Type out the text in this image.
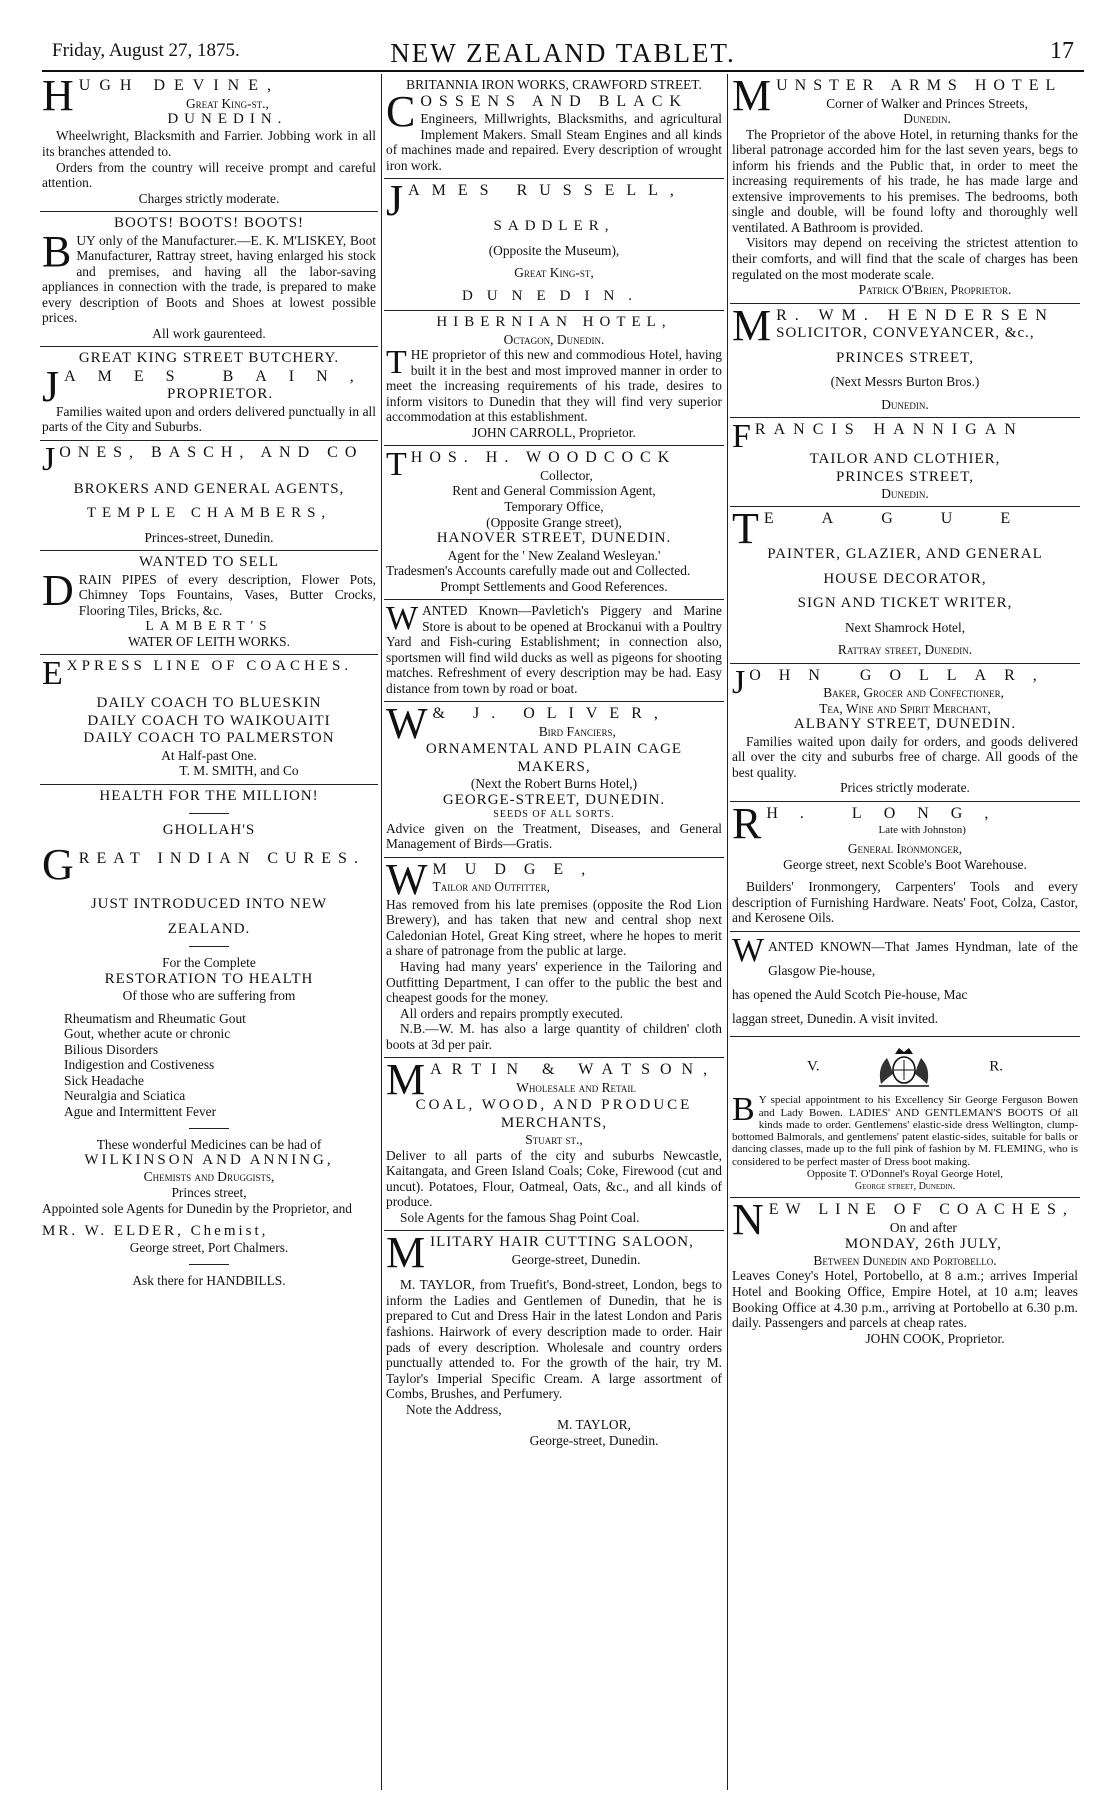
Friday, August 27, 1875.	NEW ZEALAND TABLET.	17
H UGH DEVINE,
Great King-st.,
DUNEDIN.

Wheelwright, Blacksmith and Farrier. Jobbing work in all its branches attended to.

Orders from the country will receive prompt and careful attention.

Charges strictly moderate.
BOOTS! BOOTS! BOOTS!
B UY only of the Manufacturer.—E. K. M'LISKEY, Boot Manufacturer, Rattray street, having enlarged his stock and premises, and having all the labor-saving appliances in connection with the trade, is prepared to make every description of Boots and Shoes at lowest possible prices.

All work gaurenteed.
GREAT KING STREET BUTCHERY.
J AMES BAIN,
PROPRIETOR.

Families waited upon and orders delivered punctually in all parts of the City and Suburbs.

J ONES, BASCH, AND CO
BROKERS AND GENERAL AGENTS,
TEMPLE CHAMBERS,
Princes-street, Dunedin.
WANTED TO SELL
D RAIN PIPES of every description, Flower Pots, Chimney Tops Fountains, Vases, Butter Crocks, Flooring Tiles, Bricks, &c.

LAMBERT'S
WATER OF LEITH WORKS.
E XPRESS LINE OF COACHES.
DAILY COACH TO BLUESKIN
DAILY COACH TO WAIKOUAITI
DAILY COACH TO PALMERSTON
At Half-past One.
T. M. SMITH, and Co
HEALTH FOR THE MILLION!
GHOLLAH'S
G REAT INDIAN CURES.
JUST INTRODUCED INTO NEW
ZEALAND.
For the Complete
RESTORATION TO HEALTH
Of those who are suffering from

Rheumatism and Rheumatic Gout

Gout, whether acute or chronic

Bilious Disorders

Indigestion and Costiveness

Sick Headache

Neuralgia and Sciatica

Ague and Intermittent Fever

These wonderful Medicines can be had of
WILKINSON AND ANNING,
Chemists and Druggists,
Princes street,

Appointed sole Agents for Dunedin by the Proprietor, and

MR. W. ELDER, Chemist,
George street, Port Chalmers.
Ask there for HANDBILLS.
BRITANNIA IRON WORKS, CRAWFORD STREET.
C OSSENS AND BLACK

Engineers, Millwrights, Blacksmiths, and agricultural Implement Makers. Small Steam Engines and all kinds of machines made and repaired. Every description of wrought iron work.

J AMES RUSSELL,
SADDLER,
(Opposite the Museum),
Great King-st,
DUNEDIN.
HIBERNIAN HOTEL,
Octagon, Dunedin.
T HE proprietor of this new and commodious Hotel, having built it in the best and most improved manner in order to meet the increasing requirements of his trade, desires to inform visitors to Dunedin that they will find very superior accommodation at this establishment.

JOHN CARROLL, Proprietor.
T HOS. H. WOODCOCK
Collector,
Rent and General Commission Agent,
Temporary Office,
(Opposite Grange street),
HANOVER STREET, DUNEDIN.
Agent for the ' New Zealand Wesleyan.'

Tradesmen's Accounts carefully made out and Collected.

Prompt Settlements and Good References.
W ANTED Known—Pavletich's Piggery and Marine Store is about to be opened at Brockanui with a Poultry Yard and Fish-curing Establishment; in connection also, sportsmen will find wild ducks as well as pigeons for shooting matches. Refreshment of every description may be had. Easy distance from town by road or boat.

W & J. OLIVER,
Bird Fanciers,
ORNAMENTAL AND PLAIN CAGE
MAKERS,
(Next the Robert Burns Hotel,)
GEORGE-STREET, DUNEDIN.
SEEDS OF ALL SORTS.

Advice given on the Treatment, Diseases, and General Management of Birds—Gratis.

W MUDGE,
Tailor and Outfitter,

Has removed from his late premises (opposite the Rod Lion Brewery), and has taken that new and central shop next Caledonian Hotel, Great King street, where he hopes to merit a share of patronage from the public at large.

Having had many years' experience in the Tailoring and Outfitting Department, I can offer to the public the best and cheapest goods for the money.

All orders and repairs promptly executed.

N.B.—W. M. has also a large quantity of children' cloth boots at 3d per pair.

M ARTIN & WATSON,
Wholesale and Retail
COAL, WOOD, AND PRODUCE
MERCHANTS,
Stuart st.,

Deliver to all parts of the city and suburbs Newcastle, Kaitangata, and Green Island Coals; Coke, Firewood (cut and uncut). Potatoes, Flour, Oatmeal, Oats, &c., and all kinds of produce.

Sole Agents for the famous Shag Point Coal.

M ILITARY HAIR CUTTING SALOON,
George-street, Dunedin.

M. TAYLOR, from Truefit's, Bond-street, London, begs to inform the Ladies and Gentlemen of Dunedin, that he is prepared to Cut and Dress Hair in the latest London and Paris fashions. Hairwork of every description made to order. Hair pads of every description. Wholesale and country orders punctually attended to. For the growth of the hair, try M. Taylor's Imperial Specific Cream. A large assortment of Combs, Brushes, and Perfumery.

Note the Address,
M. TAYLOR,
George-street, Dunedin.
M UNSTER ARMS HOTEL
Corner of Walker and Princes Streets,
Dunedin.

The Proprietor of the above Hotel, in returning thanks for the liberal patronage accorded him for the last seven years, begs to inform his friends and the Public that, in order to meet the increasing requirements of his trade, he has made large and extensive improvements to his premises. The bedrooms, both single and double, will be found lofty and thoroughly well ventilated. A Bathroom is provided.

Visitors may depend on receiving the strictest attention to their comforts, and will find that the scale of charges has been regulated on the most moderate scale.

Patrick O'Brien, Proprietor.
M R. WM. HENDERSEN
SOLICITOR, CONVEYANCER, &c.,
PRINCES STREET,
(Next Messrs Burton Bros.)
Dunedin.
F RANCIS HANNIGAN
TAILOR AND CLOTHIER,
PRINCES STREET,
Dunedin.
T EAGUE
PAINTER, GLAZIER, AND GENERAL
HOUSE DECORATOR,
SIGN AND TICKET WRITER,
Next Shamrock Hotel,
Rattray street, Dunedin.
J OHN GOLLAR,
Baker, Grocer and Confectioner,
Tea, Wine and Spirit Merchant,
ALBANY STREET, DUNEDIN.

Families waited upon daily for orders, and goods delivered all over the city and suburbs free of charge. All goods of the best quality.

Prices strictly moderate.
R H. LONG,
Late with Johnston)
General Ironmonger,
George street, next Scoble's Boot Warehouse.

Builders' Ironmongery, Carpenters' Tools and every description of Furnishing Hardware. Neats' Foot, Colza, Castor, and Kerosene Oils.

W ANTED KNOWN—That James Hyndman, late of the Glasgow Pie-house,

has opened the Auld Scotch Pie-house, Mac

laggan street, Dunedin. A visit invited.

V.	R.
B Y special appointment to his Excellency Sir George Ferguson Bowen and Lady Bowen. LADIES' AND GENTLEMAN'S BOOTS Of all kinds made to order. Gentlemens' elastic-side dress Wellington, clump-bottomed Balmorals, and gentlemens' patent elastic-sides, suitable for balls or dancing classes, made up to the full pink of fashion by M. FLEMING, who is considered to be perfect master of Dress boot making.

Opposite T. O'Donnel's Royal George Hotel,
George street, Dunedin.
N EW LINE OF COACHES,
On and after
MONDAY, 26th JULY,
Between Dunedin and Portobello.

Leaves Coney's Hotel, Portobello, at 8 a.m.; arrives Imperial Hotel and Booking Office, Empire Hotel, at 10 a.m; leaves Booking Office at 4.30 p.m., arriving at Portobello at 6.30 p.m. daily. Passengers and parcels at cheap rates.

JOHN COOK, Proprietor.
